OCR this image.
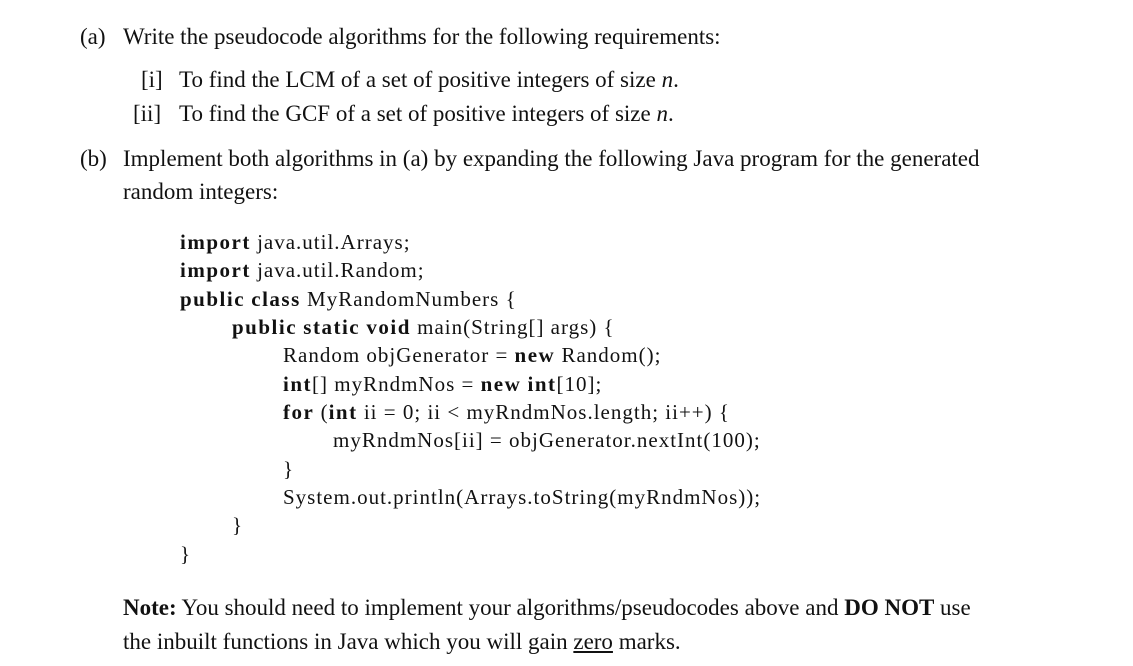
(a) Write the pseudocode algorithms for the following requirements:
[i] To find the LCM of a set of positive integers of size n.
[ii] To find the GCF of a set of positive integers of size n.
(b) Implement both algorithms in (a) by expanding the following Java program for the generated
random integers:
import java.util.Arrays;
import java.util.Random;
public class MyRandomNumbers {
public static void main(String[] args) {
Random objGenerator = new Random();
int[] myRndmNos = new int[10];
for (int ii = 0; ii < myRndmNos.length; ii++) {
myRndmNos[ii] = objGenerator.nextInt(100);
}
System.out.println(Arrays.toString(myRndmNos));
}
}
Note: You should need to implement your algorithms/pseudocodes above and DO NOT use
the inbuilt functions in Java which you will gain zero marks.
